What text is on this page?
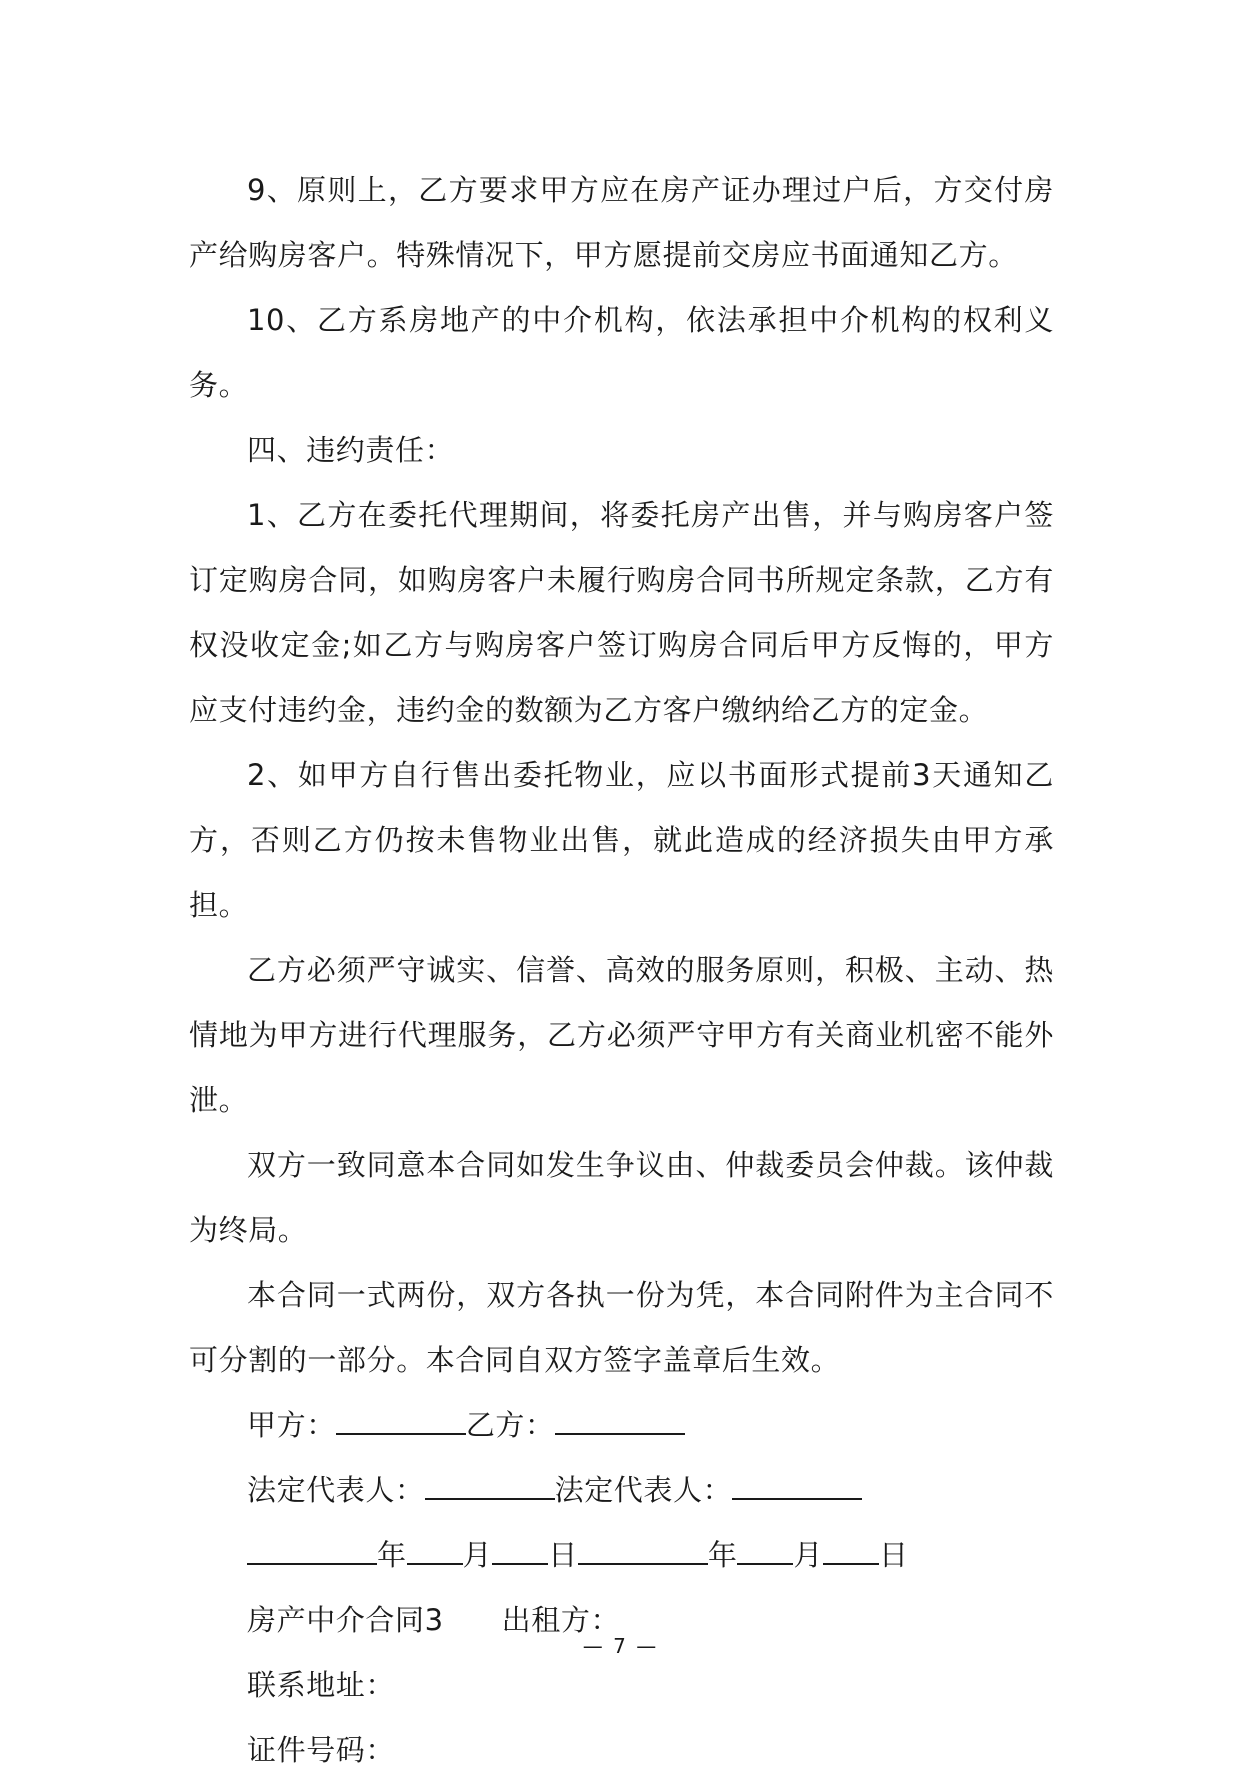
9、原则上，乙方要求甲方应在房产证办理过户后，方交付房产给购房客户。特殊情况下，甲方愿提前交房应书面通知乙方。

10、乙方系房地产的中介机构，依法承担中介机构的权利义务。

四、违约责任：

1、乙方在委托代理期间，将委托房产出售，并与购房客户签订定购房合同，如购房客户未履行购房合同书所规定条款，乙方有权没收定金;如乙方与购房客户签订购房合同后甲方反悔的，甲方应支付违约金，违约金的数额为乙方客户缴纳给乙方的定金。

2、如甲方自行售出委托物业，应以书面形式提前3天通知乙方，否则乙方仍按未售物业出售，就此造成的经济损失由甲方承担。

乙方必须严守诚实、信誉、高效的服务原则，积极、主动、热情地为甲方进行代理服务，乙方必须严守甲方有关商业机密不能外泄。

双方一致同意本合同如发生争议由、仲裁委员会仲裁。该仲裁为终局。

本合同一式两份，双方各执一份为凭，本合同附件为主合同不可分割的一部分。本合同自双方签字盖章后生效。

甲方：	乙方：

法定代表人：	法定代表人：

年 月 日	年 月 日

房产中介合同3 出租方：

联系地址：

证件号码：

— 7 —
